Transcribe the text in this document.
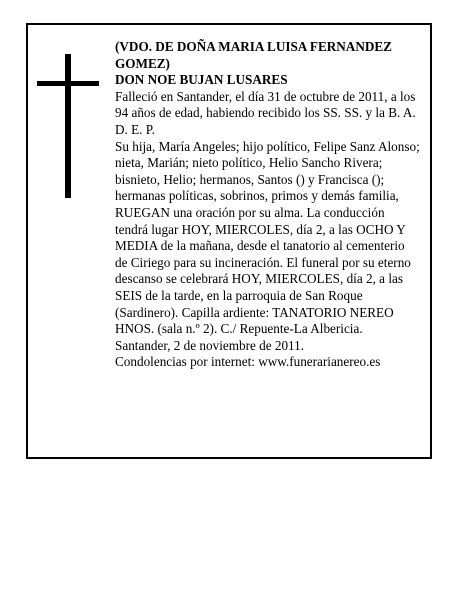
(VDO. DE DOÑA MARIA LUISA FERNANDEZ GOMEZ)

DON NOE BUJAN LUSARES

Falleció en Santander, el día 31 de octubre de 2011, a los 94 años de edad, habiendo recibido los SS. SS. y la B. A.

D. E. P.

Su hija, María Angeles; hijo político, Felipe Sanz Alonso; nieta, Marián; nieto político, Helio Sancho Rivera; bisnieto, Helio; hermanos, Santos () y Francisca (); hermanas políticas, sobrinos, primos y demás familia,

RUEGAN una oración por su alma. La conducción tendrá lugar HOY, MIERCOLES, día 2, a las OCHO Y MEDIA de la mañana, desde el tanatorio al cementerio de Ciriego para su incineración. El funeral por su eterno descanso se celebrará HOY, MIERCOLES, día 2, a las SEIS de la tarde, en la parroquia de San Roque (Sardinero). Capilla ardiente: TANATORIO NEREO HNOS. (sala n.º 2). C./ Repuente-La Albericia.

Santander, 2 de noviembre de 2011.

Condolencias por internet: www.funerarianereo.es
